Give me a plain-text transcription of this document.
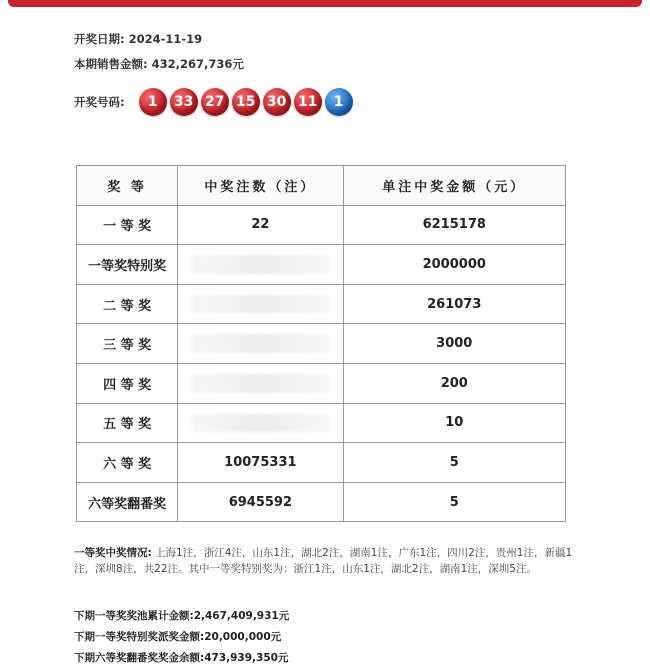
开奖日期: 2024-11-19
本期销售金额: 432,267,736元
开奖号码:	1	33 27 15 30 11	1
奖 等	中奖注数（注）	单注中奖金额（元）
一 等 奖	22	6215178
一等奖特别奖		2000000
二 等 奖		261073
三 等 奖		3000
四 等 奖		200
五 等 奖		10
六 等 奖	10075331	5
六等奖翻番奖	6945592	5
一等奖中奖情况: 上海1注，浙江4注，山东1注，湖北2注，湖南1注，广东1注，四川2注，贵州1注，新疆1注，深圳8注，共22注。其中一等奖特别奖为：浙江1注，山东1注，湖北2注，湖南1注，深圳5注。
下期一等奖奖池累计金额:2,467,409,931元
下期一等奖特别奖派奖金额:20,000,000元
下期六等奖翻番奖奖金余额:473,939,350元
